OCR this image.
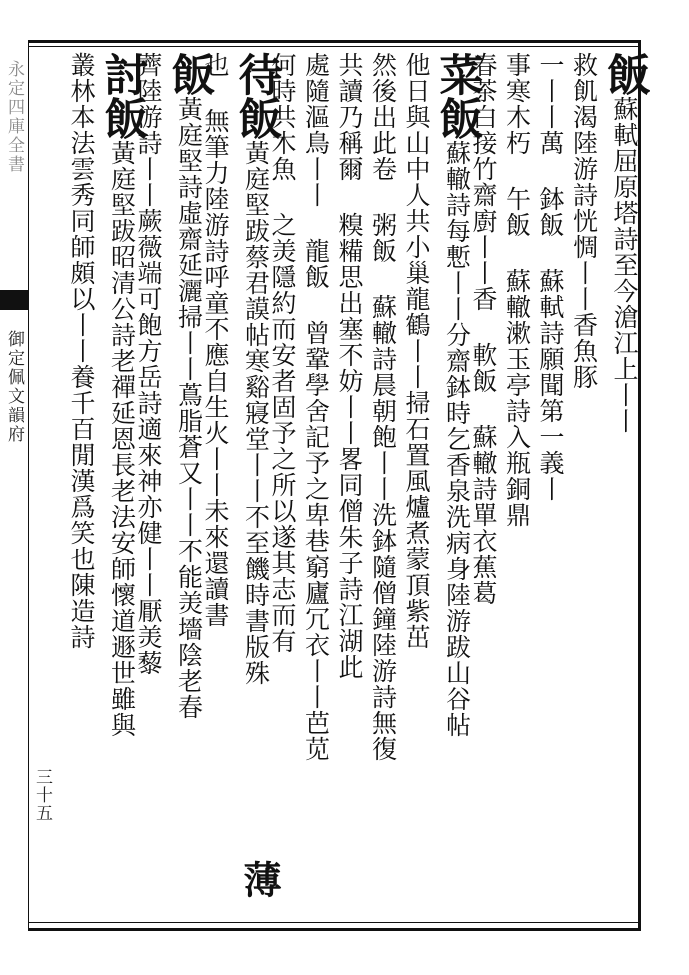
永定四庫全書
御定佩文韻府
三十五
飯蘇軾屈原塔詩至今滄江上丨丨
救飢渴陸游詩恍惆丨丨香魚豚
一丨丨萬 鉢飯 蘇軾詩願聞第一義丨
事寒木朽 午飯 蘇轍漱玉亭詩入瓶銅鼎
春茶白接竹齋廚丨丨香 軟飯 蘇轍詩單衣蕉葛
菜飯蘇轍詩每慙丨丨分齋鉢時乞香泉洗病身陸游跋山谷帖
他日與山中人共小巢龍鶴丨丨掃石置風爐煮蒙頂紫茁
然後出此卷 粥飯 蘇轍詩晨朝飽丨丨洗鉢隨僧鐘陸游詩無復
共讀乃稱爾 糗糒思出塞不妨丨丨畧同僧朱子詩江湖此
處隨漚鳥丨丨 龍飯 曾鞏學舍記予之卑巷窮廬冗衣丨丨芭苋
何時共木魚 之羙隱約而安者固予之所以遂其志而有
待飯黃庭堅跋蔡君謨帖寒谿寢堂丨丨不至饑時書版殊
也 無筆力陸游詩呼童不應自生火丨丨未來還讀書
飯黃庭堅詩虛齋延灑掃丨丨蔦脂蒼又丨丨不能羙墻陰老春
薺陸游詩丨丨蕨薇端可飽方岳詩適來神亦健丨丨厭羙藜
討飯黃庭堅跋昭清公詩老禪延恩長老法安師懷道遯世雖與
叢林本法雲秀同師頗以丨丨養千百閒漢爲笑也陳造詩
薄
